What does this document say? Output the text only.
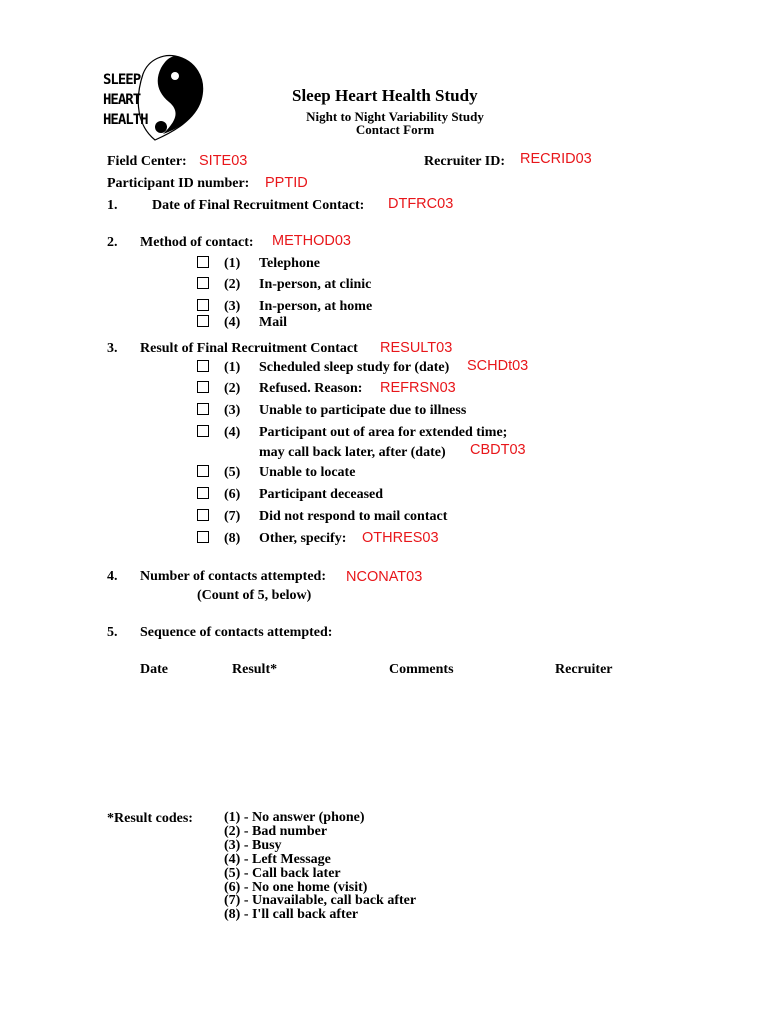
SLEEP
HEART
HEALTH
Sleep Heart Health Study
Night to Night Variability Study
Contact Form
Field Center: SITE03	Recruiter ID: RECRID03
Participant ID number: PPTID
1. Date of Final Recruitment Contact: DTFRC03
2. Method of contact: METHOD03
(1) Telephone
(2) In-person, at clinic
(3) In-person, at home
(4) Mail
3. Result of Final Recruitment Contact RESULT03
(1) Scheduled sleep study for (date) SCHDt03
(2) Refused. Reason: REFRSN03
(3) Unable to participate due to illness
(4) Participant out of area for extended time;
may call back later, after (date) CBDT03
(5) Unable to locate
(6) Participant deceased
(7) Did not respond to mail contact
(8) Other, specify: OTHRES03
4. Number of contacts attempted: NCONAT03
(Count of 5, below)
5. Sequence of contacts attempted:
Date	Result*	Comments	Recruiter
*Result codes: (1) - No answer (phone)
(2) - Bad number
(3) - Busy
(4) - Left Message
(5) - Call back later
(6) - No one home (visit)
(7) - Unavailable, call back after
(8) - I'll call back after
